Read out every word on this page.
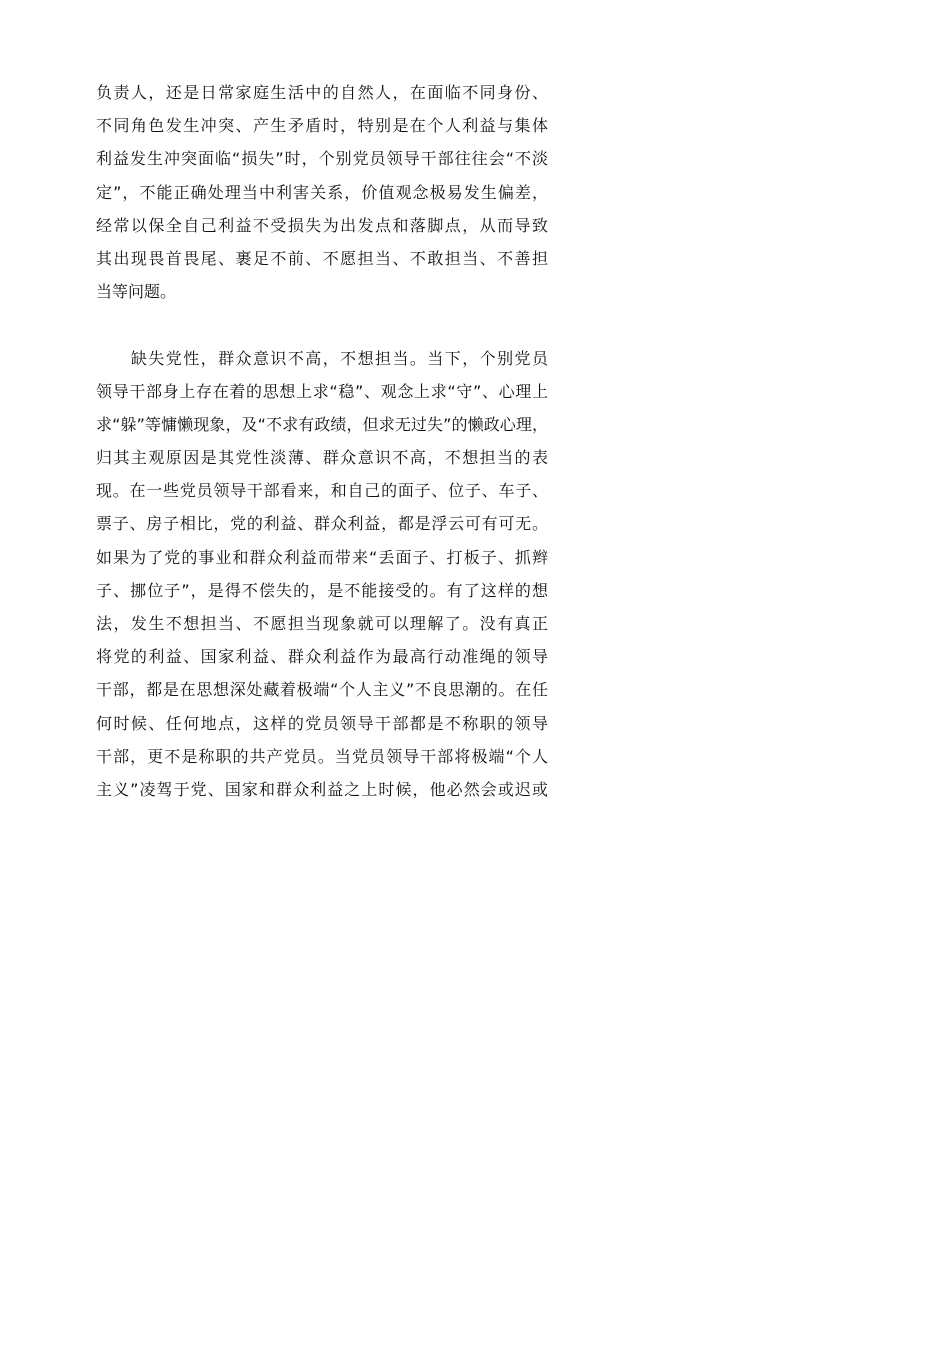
负责人，还是日常家庭生活中的自然人，在面临不同身份、
不同角色发生冲突、产生矛盾时，特别是在个人利益与集体
利益发生冲突面临“损失”时，个别党员领导干部往往会“不淡
定”，不能正确处理当中利害关系，价值观念极易发生偏差，
经常以保全自己利益不受损失为出发点和落脚点，从而导致
其出现畏首畏尾、裹足不前、不愿担当、不敢担当、不善担
当等问题。
　　缺失党性，群众意识不高，不想担当。当下，个别党员
领导干部身上存在着的思想上求“稳”、观念上求“守”、心理上
求“躲”等慵懒现象，及“不求有政绩，但求无过失”的懒政心理，
归其主观原因是其党性淡薄、群众意识不高，不想担当的表
现。在一些党员领导干部看来，和自己的面子、位子、车子、
票子、房子相比，党的利益、群众利益，都是浮云可有可无。
如果为了党的事业和群众利益而带来“丢面子、打板子、抓辫
子、挪位子”，是得不偿失的，是不能接受的。有了这样的想
法，发生不想担当、不愿担当现象就可以理解了。没有真正
将党的利益、国家利益、群众利益作为最高行动准绳的领导
干部，都是在思想深处藏着极端“个人主义”不良思潮的。在任
何时候、任何地点，这样的党员领导干部都是不称职的领导
干部，更不是称职的共产党员。当党员领导干部将极端“个人
主义”凌驾于党、国家和群众利益之上时候，他必然会或迟或
